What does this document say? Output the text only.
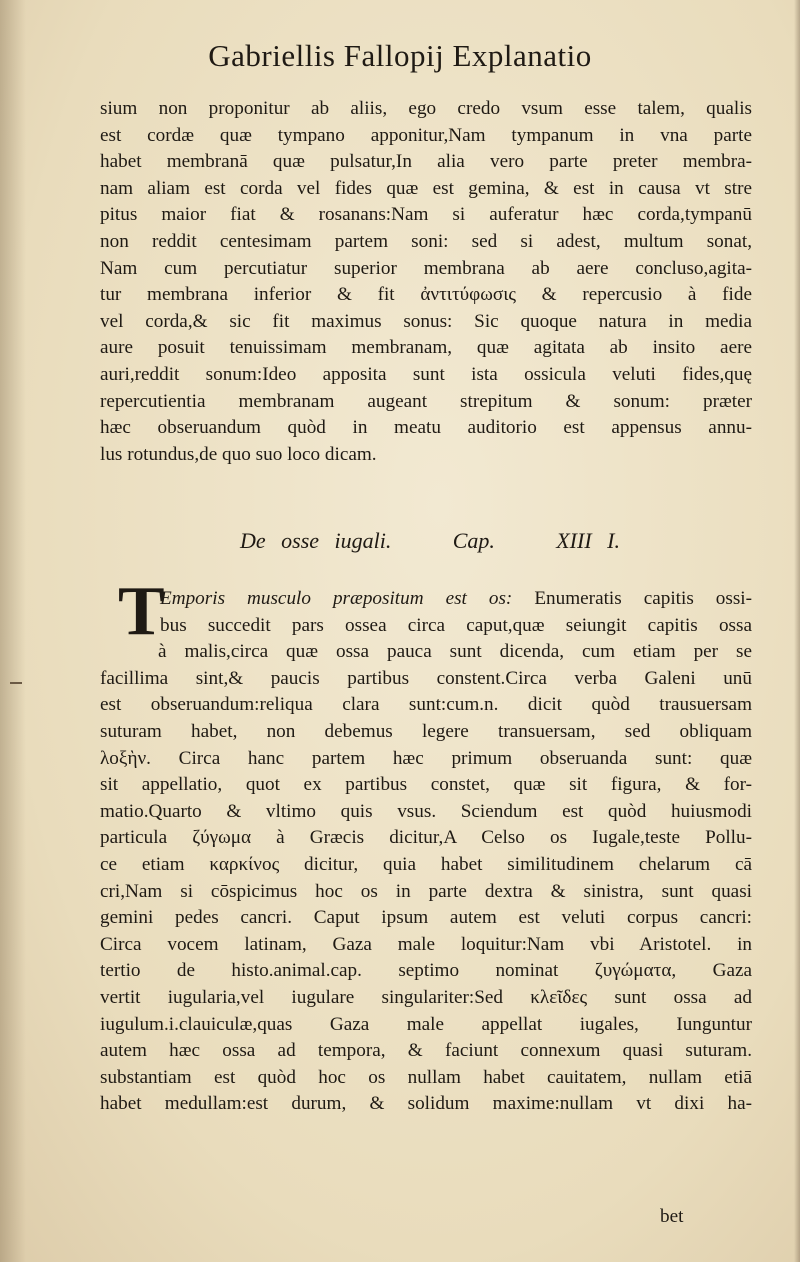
Gabriellis Fallopij Explanatio
sium non proponitur ab aliis, ego credo vsum esse talem, qualis
est cordæ quæ tympano apponitur,Nam tympanum in vna parte
habet membranā quæ pulsatur,In alia vero parte preter membra-
nam aliam est corda vel fides quæ est gemina, & est in causa vt stre
pitus maior fiat & rosanans:Nam si auferatur hæc corda,tympanū
non reddit centesimam partem soni: sed si adest, multum sonat,
Nam cum percutiatur superior membrana ab aere concluso,agita-
tur membrana inferior & fit ἀντιτύφωσις & repercusio à fide
vel corda,& sic fit maximus sonus: Sic quoque natura in media
aure posuit tenuissimam membranam, quæ agitata ab insito aere
auri,reddit sonum:Ideo apposita sunt ista ossicula veluti fides,quę
repercutientia membranam augeant strepitum & sonum: præter
hæc obseruandum quòd in meatu auditorio est appensus annu-
lus rotundus,de quo suo loco dicam.
De osse iugali.	Cap.	XIII I.
T
Emporis musculo præpositum est os: Enumeratis capitis ossi-
bus succedit pars ossea circa caput,quæ seiungit capitis ossa
à malis,circa quæ ossa pauca sunt dicenda, cum etiam per se
facillima sint,& paucis partibus constent.Circa verba Galeni unū
est obseruandum:reliqua clara sunt:cum.n. dicit quòd trausuersam
suturam habet, non debemus legere transuersam, sed obliquam
λοξὴν. Circa hanc partem hæc primum obseruanda sunt: quæ
sit appellatio, quot ex partibus constet, quæ sit figura, & for-
matio.Quarto & vltimo quis vsus. Sciendum est quòd huiusmodi
particula ζύγωμα à Græcis dicitur,A Celso os Iugale,teste Pollu-
ce etiam καρκίνος dicitur, quia habet similitudinem chelarum cā
cri,Nam si cōspicimus hoc os in parte dextra & sinistra, sunt quasi
gemini pedes cancri. Caput ipsum autem est veluti corpus cancri:
Circa vocem latinam, Gaza male loquitur:Nam vbi Aristotel. in
tertio de histo.animal.cap. septimo nominat ζυγώματα, Gaza
vertit iugularia,vel iugulare singulariter:Sed κλεῖδες sunt ossa ad
iugulum.i.clauiculæ,quas Gaza male appellat iugales, Iunguntur
autem hæc ossa ad tempora, & faciunt connexum quasi suturam.
substantiam est quòd hoc os nullam habet cauitatem, nullam etiā
habet medullam:est durum, & solidum maxime:nullam vt dixi ha-
bet
